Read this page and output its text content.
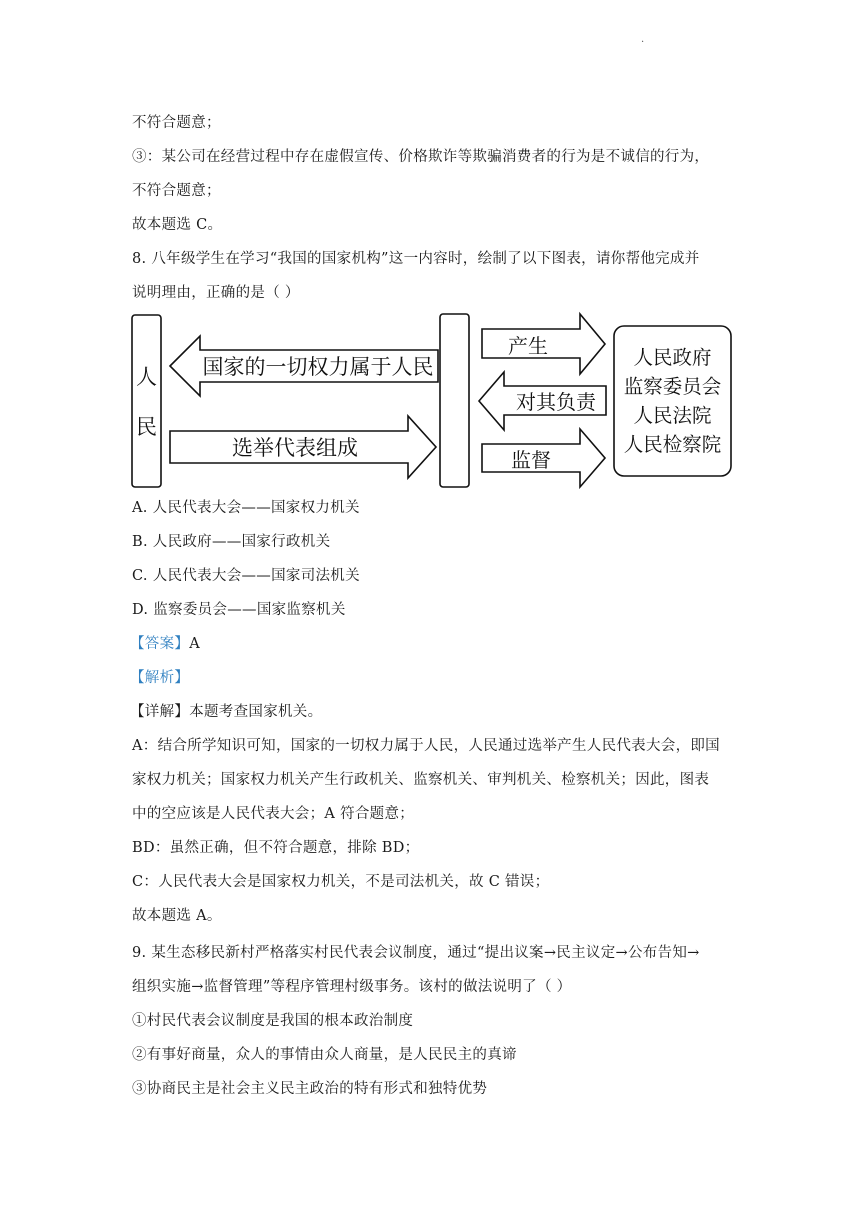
.
不符合题意；
③：某公司在经营过程中存在虚假宣传、价格欺诈等欺骗消费者的行为是不诚信的行为，
不符合题意；
故本题选 C。
8. 八年级学生在学习“我国的国家机构”这一内容时，绘制了以下图表，请你帮他完成并
说明理由，正确的是（ ）
人
民
国家的一切权力属于人民
选举代表组成
产生
对其负责
监督
人民政府
监察委员会
人民法院
人民检察院
A. 人民代表大会——国家权力机关
B. 人民政府——国家行政机关
C. 人民代表大会——国家司法机关
D. 监察委员会——国家监察机关
【答案】A
【解析】
【详解】本题考查国家机关。
A：结合所学知识可知，国家的一切权力属于人民，人民通过选举产生人民代表大会，即国
家权力机关；国家权力机关产生行政机关、监察机关、审判机关、检察机关；因此，图表
中的空应该是人民代表大会；A 符合题意；
BD：虽然正确，但不符合题意，排除 BD；
C：人民代表大会是国家权力机关，不是司法机关，故 C 错误；
故本题选 A。
9. 某生态移民新村严格落实村民代表会议制度，通过“提出议案→民主议定→公布告知→
组织实施→监督管理”等程序管理村级事务。该村的做法说明了（ ）
①村民代表会议制度是我国的根本政治制度
②有事好商量，众人的事情由众人商量，是人民民主的真谛
③协商民主是社会主义民主政治的特有形式和独特优势
